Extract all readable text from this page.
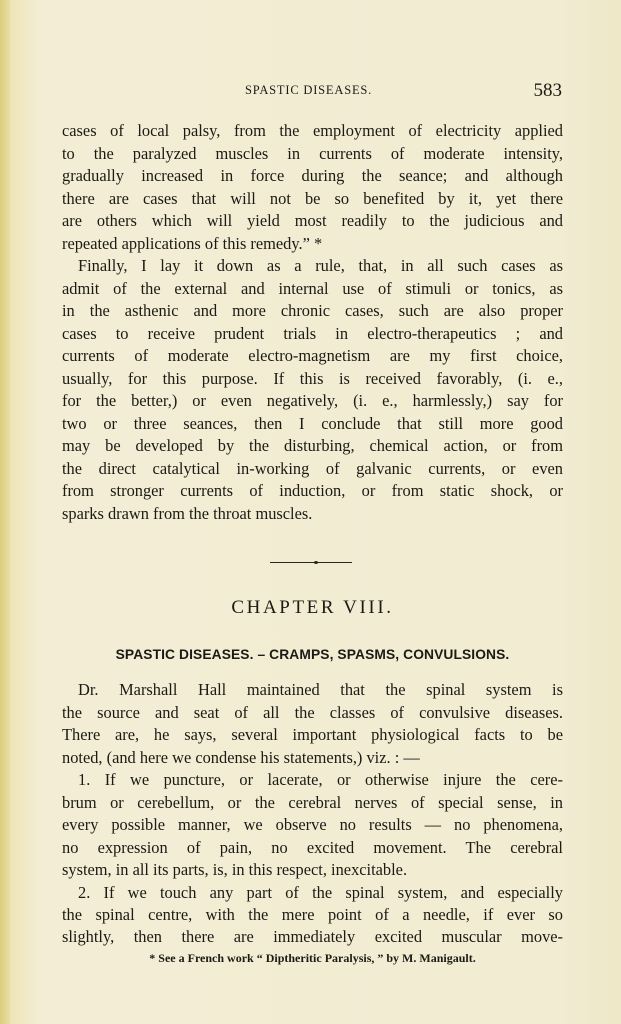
SPASTIC DISEASES.	583
cases of local palsy, from the employment of electricity applied
to the paralyzed muscles in currents of moderate intensity,
gradually increased in force during the seance; and although
there are cases that will not be so benefited by it, yet there
are others which will yield most readily to the judicious and
repeated applications of this remedy.” *
Finally, I lay it down as a rule, that, in all such cases as
admit of the external and internal use of stimuli or tonics, as
in the asthenic and more chronic cases, such are also proper
cases to receive prudent trials in electro-therapeutics ; and
currents of moderate electro-magnetism are my first choice,
usually, for this purpose. If this is received favorably, (i. e.,
for the better,) or even negatively, (i. e., harmlessly,) say for
two or three seances, then I conclude that still more good
may be developed by the disturbing, chemical action, or from
the direct catalytical in-working of galvanic currents, or even
from stronger currents of induction, or from static shock, or
sparks drawn from the throat muscles.
CHAPTER VIII.
SPASTIC DISEASES. – CRAMPS, SPASMS, CONVULSIONS.
Dr. Marshall Hall maintained that the spinal system is
the source and seat of all the classes of convulsive diseases.
There are, he says, several important physiological facts to be
noted, (and here we condense his statements,) viz. : —
1. If we puncture, or lacerate, or otherwise injure the cere-
brum or cerebellum, or the cerebral nerves of special sense, in
every possible manner, we observe no results — no phenomena,
no expression of pain, no excited movement. The cerebral
system, in all its parts, is, in this respect, inexcitable.
2. If we touch any part of the spinal system, and especially
the spinal centre, with the mere point of a needle, if ever so
slightly, then there are immediately excited muscular move-
* See a French work “ Diptheritic Paralysis, ” by M. Manigault.
